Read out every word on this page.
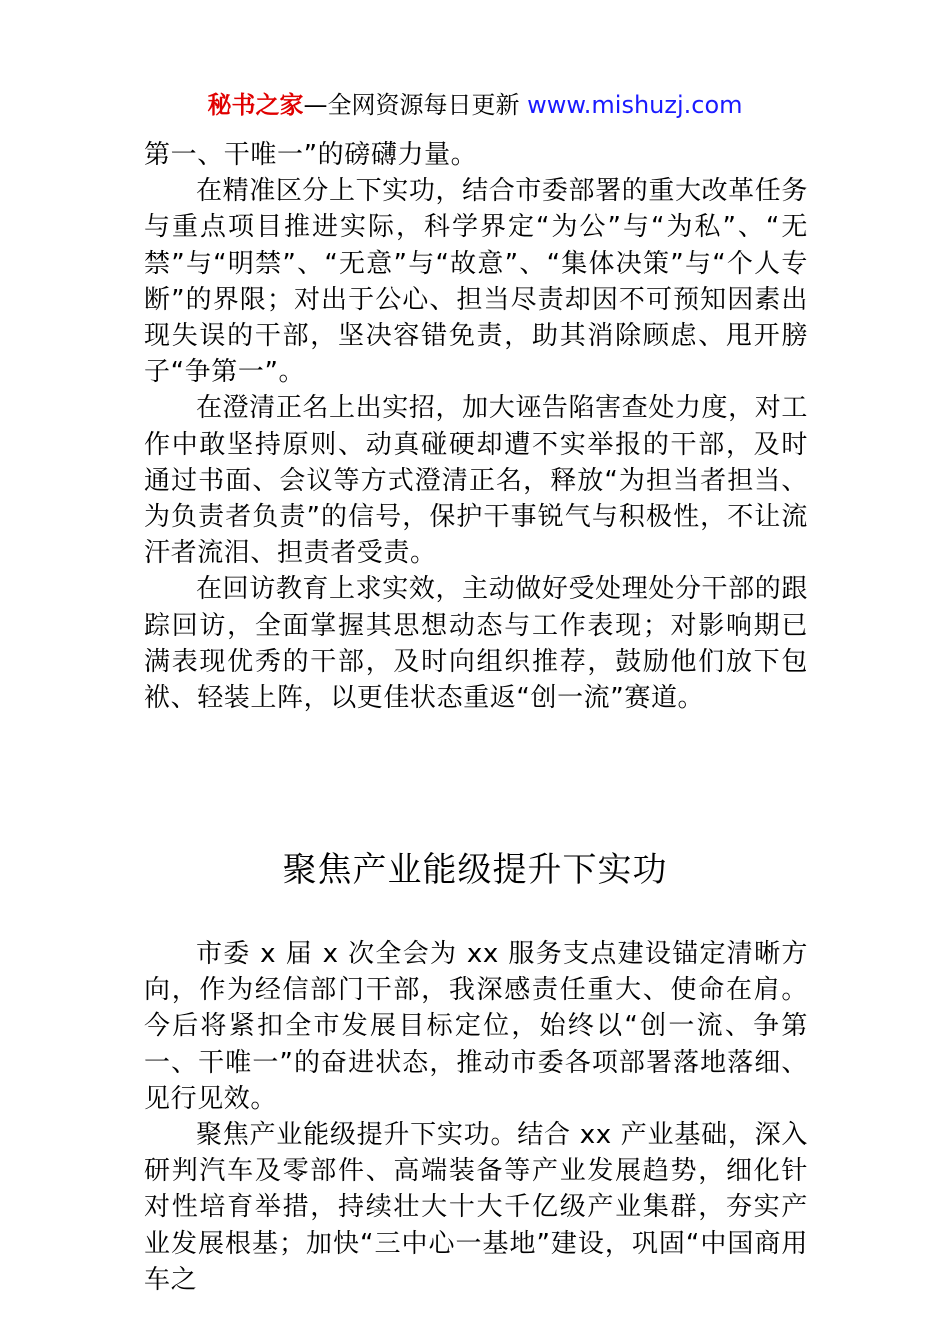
秘书之家—全网资源每日更新 www.mishuzj.com

第一、干唯一”的磅礴力量。

在精准区分上下实功，结合市委部署的重大改革任务与重点项目推进实际，科学界定“为公”与“为私”、“无禁”与“明禁”、“无意”与“故意”、“集体决策”与“个人专断”的界限；对出于公心、担当尽责却因不可预知因素出现失误的干部，坚决容错免责，助其消除顾虑、甩开膀子“争第一”。

在澄清正名上出实招，加大诬告陷害查处力度，对工作中敢坚持原则、动真碰硬却遭不实举报的干部，及时通过书面、会议等方式澄清正名，释放“为担当者担当、为负责者负责”的信号，保护干事锐气与积极性，不让流汗者流泪、担责者受责。

在回访教育上求实效，主动做好受处理处分干部的跟踪回访，全面掌握其思想动态与工作表现；对影响期已满表现优秀的干部，及时向组织推荐，鼓励他们放下包袱、轻装上阵，以更佳状态重返“创一流”赛道。

聚焦产业能级提升下实功

市委 x 届 x 次全会为 xx 服务支点建设锚定清晰方向，作为经信部门干部，我深感责任重大、使命在肩。今后将紧扣全市发展目标定位，始终以“创一流、争第一、干唯一”的奋进状态，推动市委各项部署落地落细、见行见效。

聚焦产业能级提升下实功。结合 xx 产业基础，深入研判汽车及零部件、高端装备等产业发展趋势，细化针对性培育举措，持续壮大十大千亿级产业集群，夯实产业发展根基；加快“三中心一基地”建设，巩固“中国商用车之
